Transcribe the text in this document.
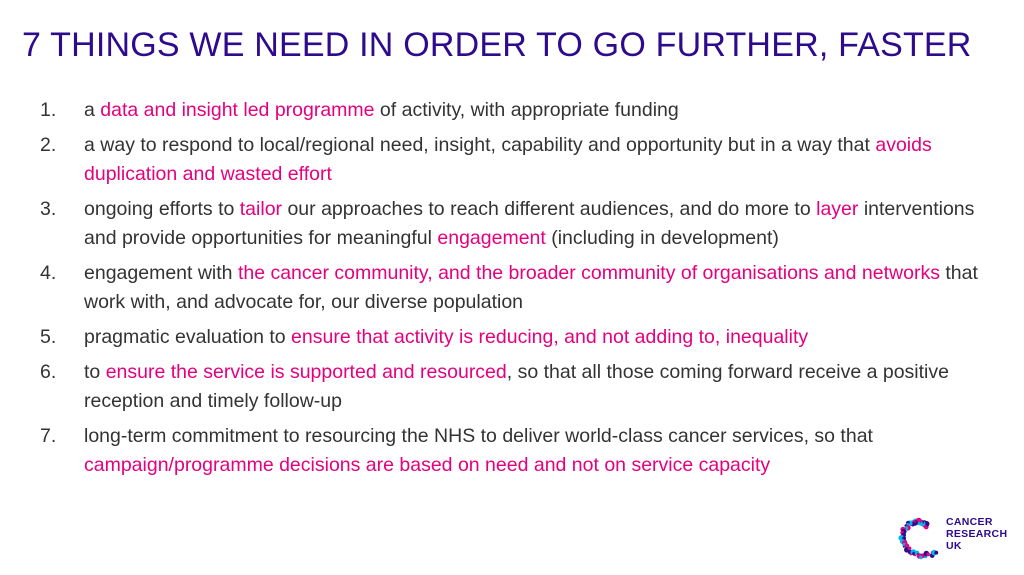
7 THINGS WE NEED IN ORDER TO GO FURTHER, FASTER
1.	a data and insight led programme of activity, with appropriate funding
2.	a way to respond to local/regional need, insight, capability and opportunity but in a way that avoids duplication and wasted effort
3.	ongoing efforts to tailor our approaches to reach different audiences, and do more to layer interventions and provide opportunities for meaningful engagement (including in development)
4.	engagement with the cancer community, and the broader community of organisations and networks that work with, and advocate for, our diverse population
5.	pragmatic evaluation to ensure that activity is reducing, and not adding to, inequality
6.	to ensure the service is supported and resourced, so that all those coming forward receive a positive reception and timely follow-up
7.	long-term commitment to resourcing the NHS to deliver world-class cancer services, so that campaign/programme decisions are based on need and not on service capacity
CANCER
RESEARCH
UK
